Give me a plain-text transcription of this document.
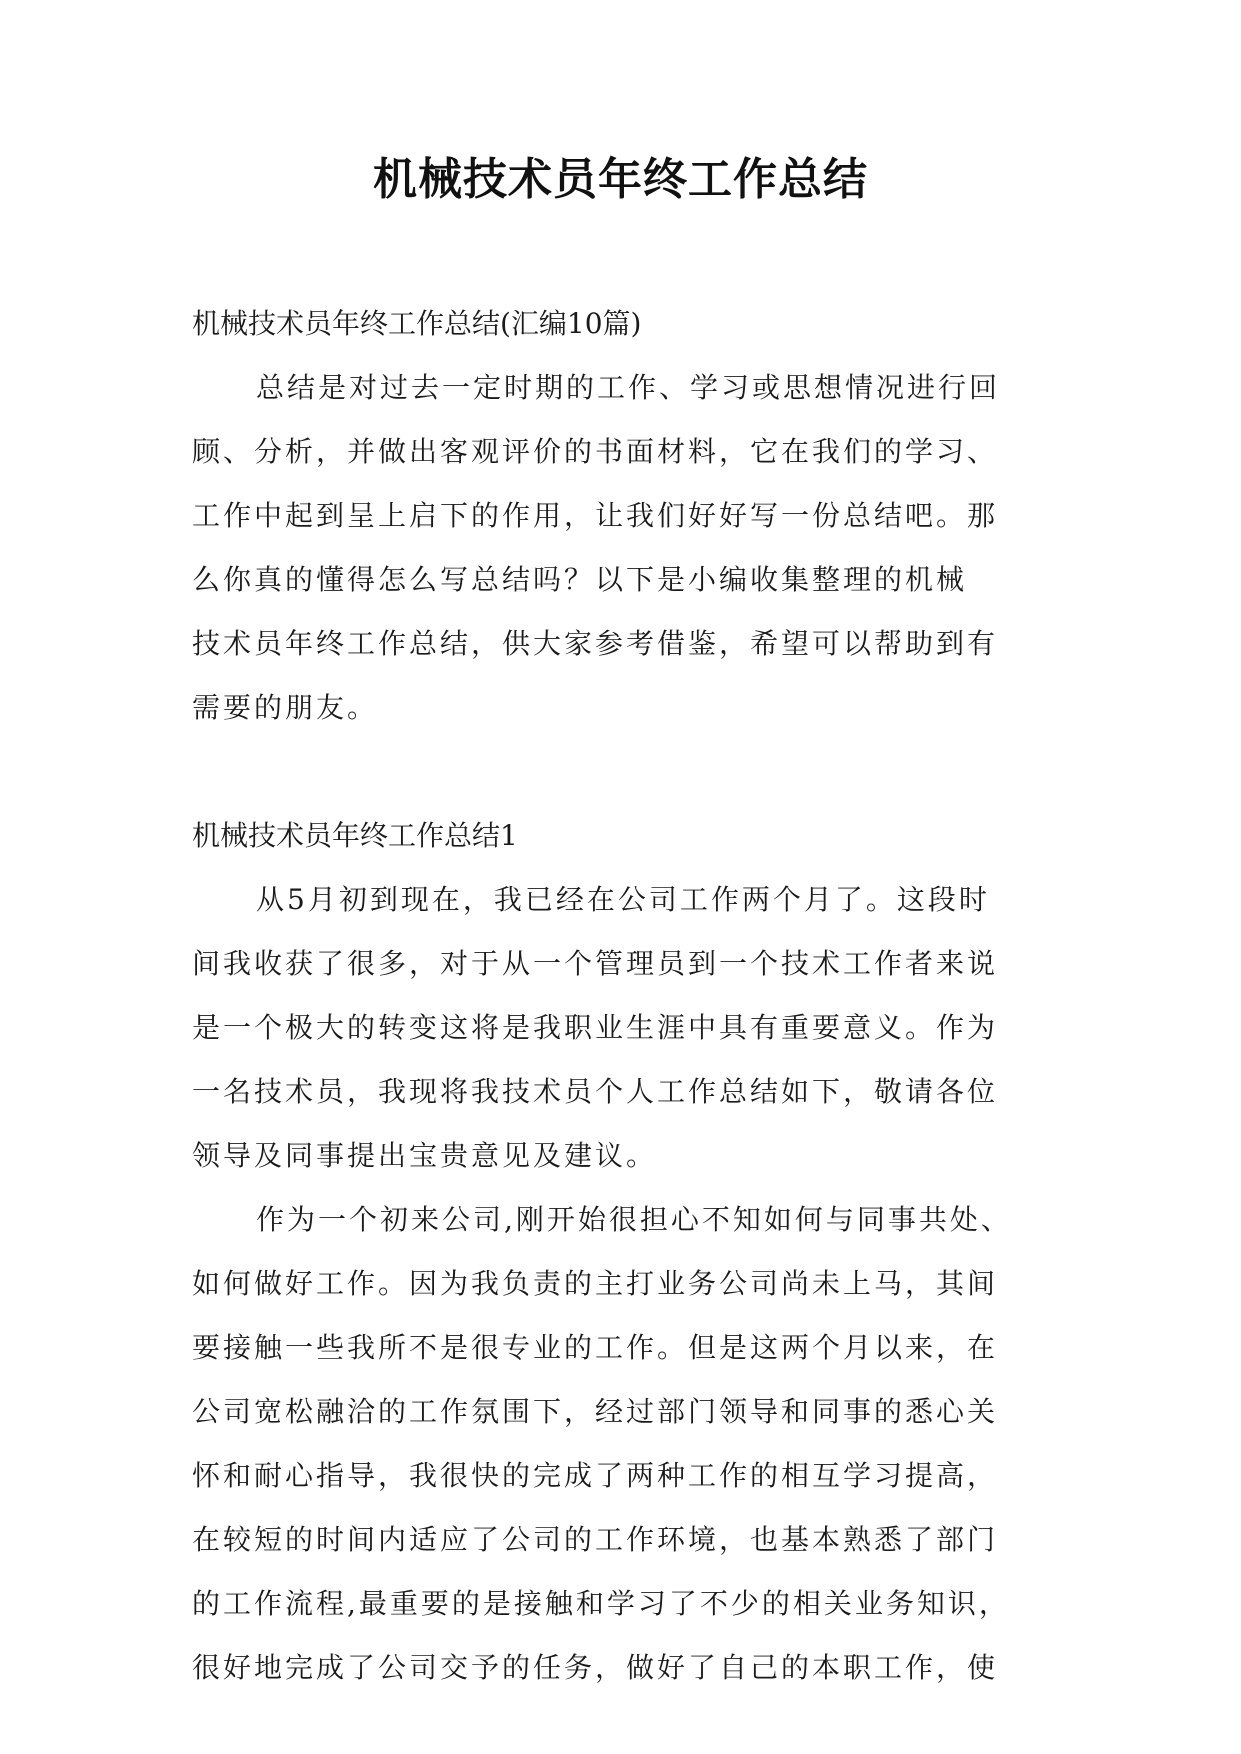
机械技术员年终工作总结

机械技术员年终工作总结(汇编10篇)

总结是对过去一定时期的工作、学习或思想情况进行回
顾、分析，并做出客观评价的书面材料，它在我们的学习、
工作中起到呈上启下的作用，让我们好好写一份总结吧。那
么你真的懂得怎么写总结吗？以下是小编收集整理的机械
技术员年终工作总结，供大家参考借鉴，希望可以帮助到有
需要的朋友。

机械技术员年终工作总结1

从5月初到现在，我已经在公司工作两个月了。这段时
间我收获了很多，对于从一个管理员到一个技术工作者来说
是一个极大的转变这将是我职业生涯中具有重要意义。作为
一名技术员，我现将我技术员个人工作总结如下，敬请各位
领导及同事提出宝贵意见及建议。

作为一个初来公司,刚开始很担心不知如何与同事共处、
如何做好工作。因为我负责的主打业务公司尚未上马，其间
要接触一些我所不是很专业的工作。但是这两个月以来，在
公司宽松融洽的工作氛围下，经过部门领导和同事的悉心关
怀和耐心指导，我很快的完成了两种工作的相互学习提高，
在较短的时间内适应了公司的工作环境，也基本熟悉了部门
的工作流程,最重要的是接触和学习了不少的相关业务知识，
很好地完成了公司交予的任务，做好了自己的本职工作，使
